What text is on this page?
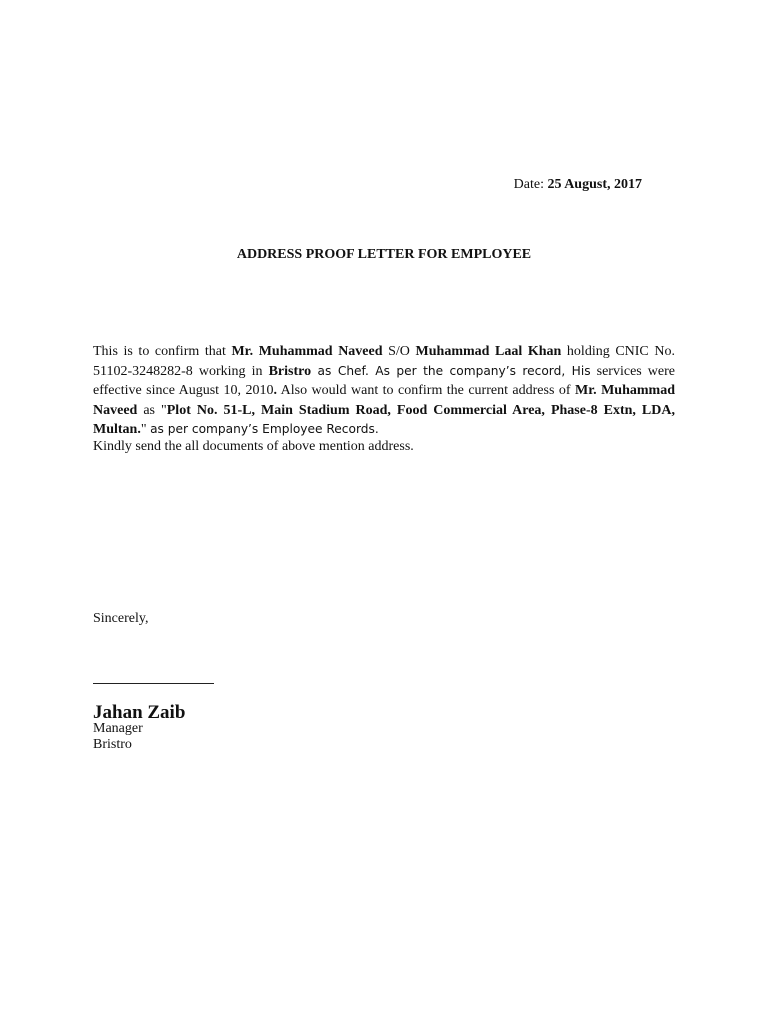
Date: 25 August, 2017
ADDRESS PROOF LETTER FOR EMPLOYEE

This is to confirm that Mr. Muhammad Naveed S/O Muhammad Laal Khan holding CNIC No. 51102-3248282-8 working in Bristro as Chef. As per the company’s record, His services were effective since August 10, 2010. Also would want to confirm the current address of Mr. Muhammad Naveed as "Plot No. 51-L, Main Stadium Road, Food Commercial Area, Phase-8 Extn, LDA, Multan." as per company’s Employee Records.

Kindly send the all documents of above mention address.
Sincerely,
Jahan Zaib
Manager
Bristro
